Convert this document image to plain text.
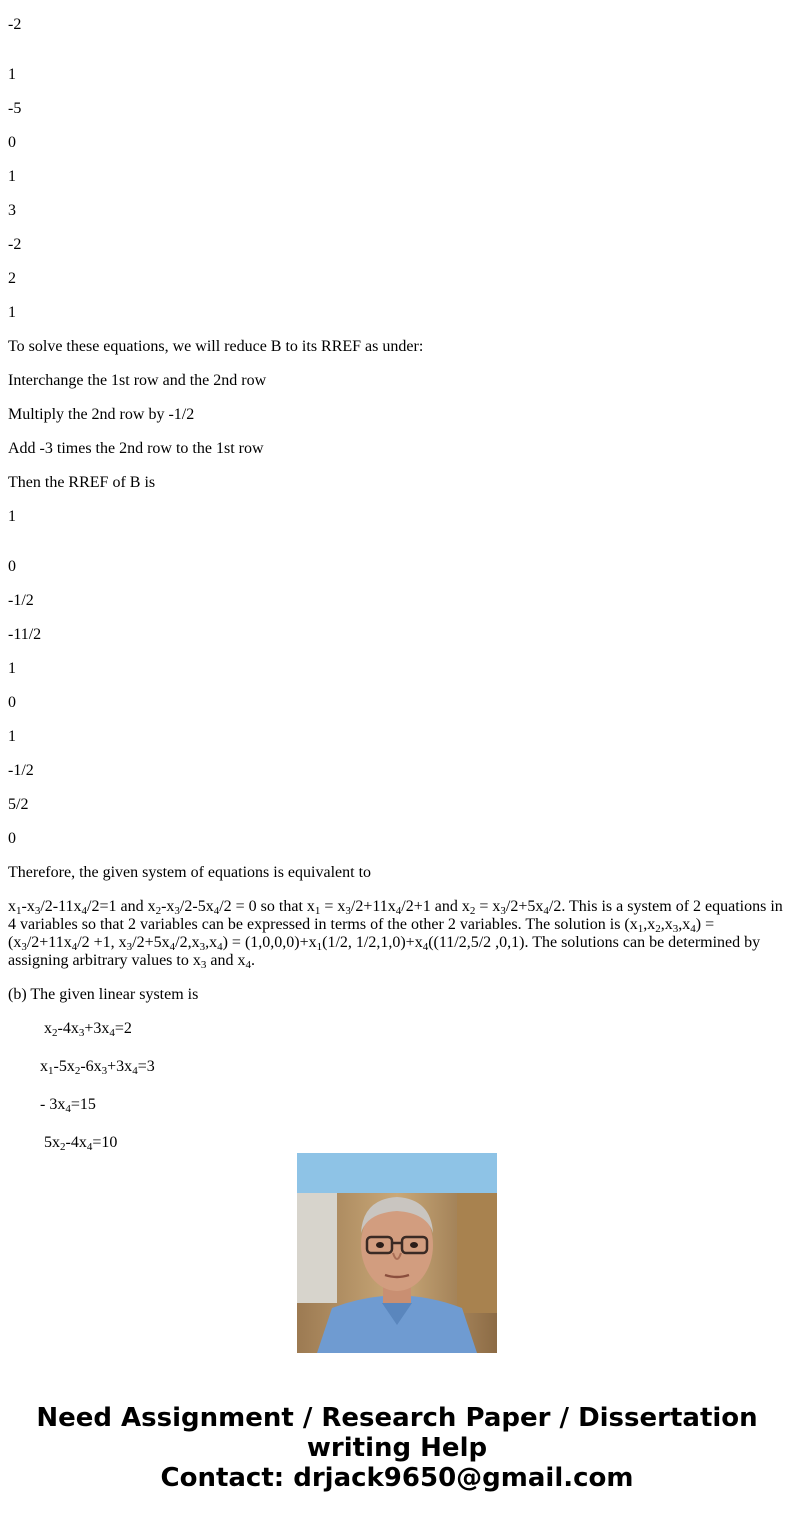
-2

1

-5

0

1

3

-2

2

1

To solve these equations, we will reduce B to its RREF as under:

Interchange the 1st row and the 2nd row

Multiply the 2nd row by -1/2

Add -3 times the 2nd row to the 1st row

Then the RREF of B is

1

0

-1/2

-11/2

1

0

1

-1/2

5/2

0

Therefore, the given system of equations is equivalent to

$x_1-x_3/2-11x_4/2=1$ and $x_2-x_3/2-5x_4/2 = 0$ so that $x_1 = x_3/2+11x_4/2+1$ and $x_2 = x_3/2+5x_4/2$. This is a system of 2 equations in 4 variables so that 2 variables can be expressed in terms of the other 2 variables. The solution is $(x_1,x_2,x_3,x_4) = (x_3/2+11x_4/2 +1$, $x_3/2+5x_4/2,x_3,x_4) = (1,0,0,0)+x_1(1/2$, $1/2,1,0)+x_4((11/2,5/2$ ,0,1). The solutions can be determined by assigning arbitrary values to $x_3$ and $x_4$.

(b) The given linear system is

$x_2-4x_3+3x_4=2$

$x_1-5x_2-6x_3+3x_4=3$

- $3x_4=15$

$5x_2-4x_4=10$

Need Assignment / Research Paper / Dissertation
writing Help
Contact: drjack9650@gmail.com
